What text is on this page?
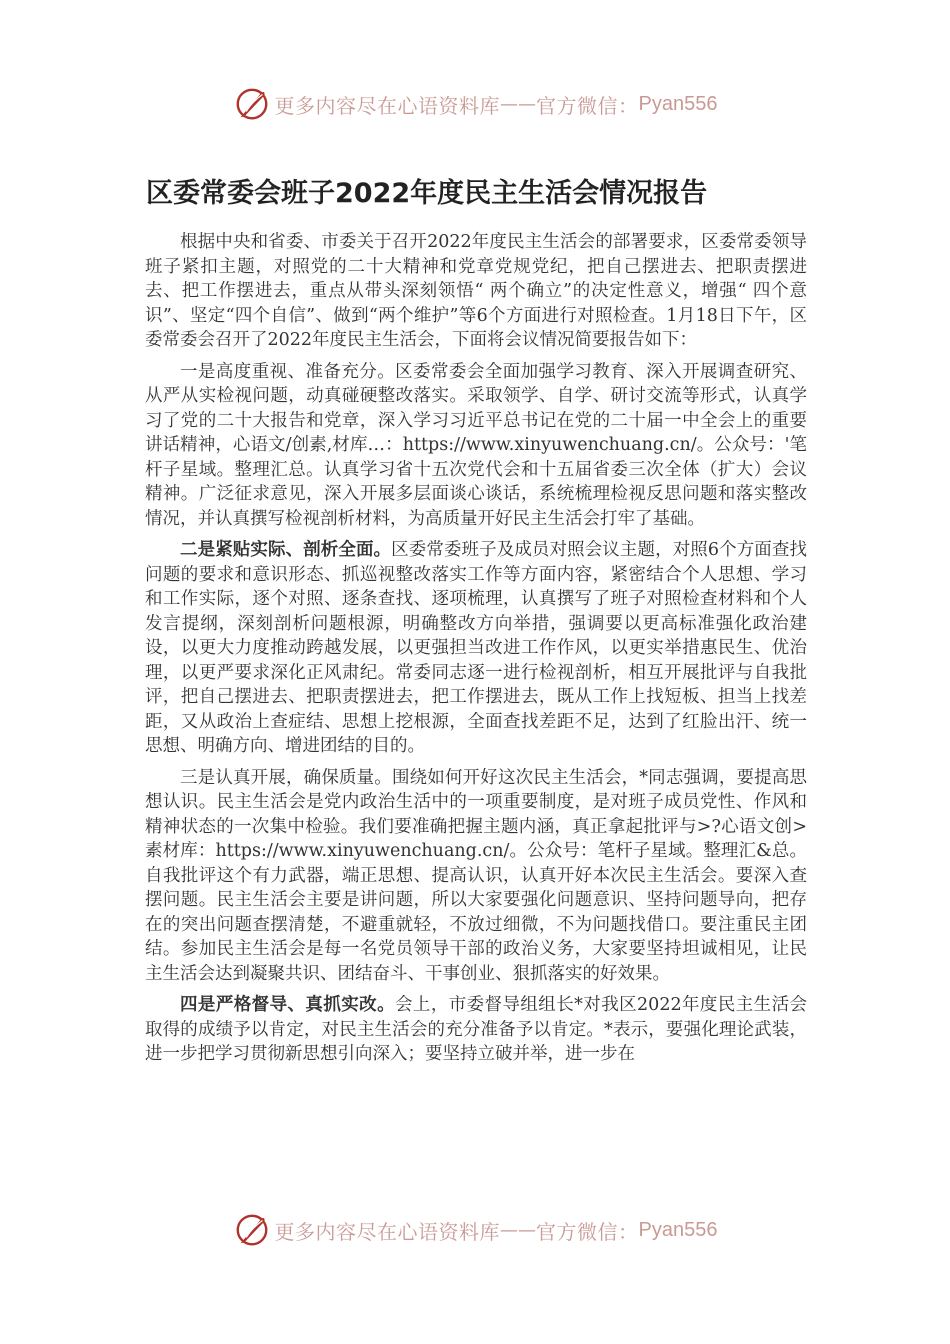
更多内容尽在心语资料库 —— 官方微信： Pyan556
区委常委会班子2022年度民主生活会情况报告

根据中央和省委、市委关于召开2022年度民主生活会的部署要求，区委常委领导班子紧扣主题，对照党的二十大精神和党章党规党纪，把自己摆进去、把职责摆进去、把工作摆进去，重点从带头深刻领悟“ 两个确立”的决定性意义，增强“ 四个意识”、坚定“四个自信”、做到“两个维护”等6个方面进行对照检查。1月18日下午，区委常委会召开了2022年度民主生活会，下面将会议情况简要报告如下：

一是高度重视、准备充分。区委常委会全面加强学习教育、深入开展调查研究、从严从实检视问题，动真碰硬整改落实。采取领学、自学、研讨交流等形式，认真学习了党的二十大报告和党章，深入学习习近平总书记在党的二十届一中全会上的重要讲话精神，心语文/创素,材库…：https://www.xinyuwenchuang.cn/。公众号：'笔杆子星域。整理汇总。认真学习省十五次党代会和十五届省委三次全体（扩大）会议精神。广泛征求意见，深入开展多层面谈心谈话，系统梳理检视反思问题和落实整改情况，并认真撰写检视剖析材料，为高质量开好民主生活会打牢了基础。

二是紧贴实际、剖析全面。区委常委班子及成员对照会议主题，对照6个方面查找问题的要求和意识形态、抓巡视整改落实工作等方面内容，紧密结合个人思想、学习和工作实际，逐个对照、逐条查找、逐项梳理，认真撰写了班子对照检查材料和个人发言提纲，深刻剖析问题根源，明确整改方向举措，强调要以更高标准强化政治建设，以更大力度推动跨越发展，以更强担当改进工作作风，以更实举措惠民生、优治理，以更严要求深化正风肃纪。常委同志逐一进行检视剖析，相互开展批评与自我批评，把自己摆进去、把职责摆进去，把工作摆进去，既从工作上找短板、担当上找差距，又从政治上查症结、思想上挖根源，全面查找差距不足，达到了红脸出汗、统一思想、明确方向、增进团结的目的。

三是认真开展，确保质量。围绕如何开好这次民主生活会，*同志强调，要提高思想认识。民主生活会是党内政治生活中的一项重要制度，是对班子成员党性、作风和精神状态的一次集中检验。我们要准确把握主题内涵，真正拿起批评与>?心语文创>素材库：https://www.xinyuwenchuang.cn/。公众号：笔杆子星域。整理汇&总。自我批评这个有力武器，端正思想、提高认识，认真开好本次民主生活会。要深入查摆问题。民主生活会主要是讲问题，所以大家要强化问题意识、坚持问题导向，把存在的突出问题查摆清楚，不避重就轻，不放过细微，不为问题找借口。要注重民主团结。参加民主生活会是每一名党员领导干部的政治义务，大家要坚持坦诚相见，让民主生活会达到凝聚共识、团结奋斗、干事创业、狠抓落实的好效果。

四是严格督导、真抓实改。会上，市委督导组组长*对我区2022年度民主生活会取得的成绩予以肯定，对民主生活会的充分准备予以肯定。*表示，要强化理论武装，进一步把学习贯彻新思想引向深入；要坚持立破并举，进一步在

更多内容尽在心语资料库 —— 官方微信： Pyan556
